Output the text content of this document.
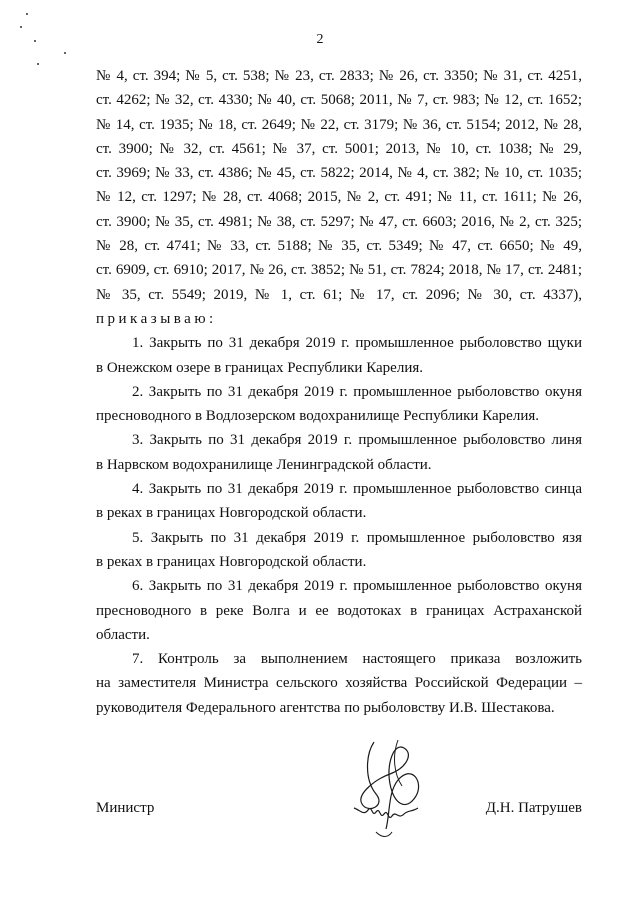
2
№ 4, ст. 394; № 5, ст. 538; № 23, ст. 2833; № 26, ст. 3350; № 31, ст. 4251,
ст. 4262; № 32, ст. 4330; № 40, ст. 5068; 2011, № 7, ст. 983; № 12, ст. 1652;
№ 14, ст. 1935; № 18, ст. 2649; № 22, ст. 3179; № 36, ст. 5154; 2012, № 28,
ст. 3900; № 32, ст. 4561; № 37, ст. 5001; 2013, № 10, ст. 1038; № 29,
ст. 3969; № 33, ст. 4386; № 45, ст. 5822; 2014, № 4, ст. 382; № 10, ст. 1035;
№ 12, ст. 1297; № 28, ст. 4068; 2015, № 2, ст. 491; № 11, ст. 1611; № 26,
ст. 3900; № 35, ст. 4981; № 38, ст. 5297; № 47, ст. 6603; 2016, № 2, ст. 325;
№ 28, ст. 4741; № 33, ст. 5188; № 35, ст. 5349; № 47, ст. 6650; № 49,
ст. 6909, ст. 6910; 2017, № 26, ст. 3852; № 51, ст. 7824; 2018, № 17, ст. 2481;
№ 35, ст. 5549; 2019, № 1, ст. 61; № 17, ст. 2096; № 30, ст. 4337),
приказываю:
1. Закрыть по 31 декабря 2019 г. промышленное рыболовство щуки
в Онежском озере в границах Республики Карелия.
2. Закрыть по 31 декабря 2019 г. промышленное рыболовство окуня
пресноводного в Водлозерском водохранилище Республики Карелия.
3. Закрыть по 31 декабря 2019 г. промышленное рыболовство линя
в Нарвском водохранилище Ленинградской области.
4. Закрыть по 31 декабря 2019 г. промышленное рыболовство синца
в реках в границах Новгородской области.
5. Закрыть по 31 декабря 2019 г. промышленное рыболовство язя
в реках в границах Новгородской области.
6. Закрыть по 31 декабря 2019 г. промышленное рыболовство окуня
пресноводного в реке Волга и ее водотоках в границах Астраханской
области.
7. Контроль за выполнением настоящего приказа возложить
на заместителя Министра сельского хозяйства Российской Федерации –
руководителя Федерального агентства по рыболовству И.В. Шестакова.
Министр	Д.Н. Патрушев
